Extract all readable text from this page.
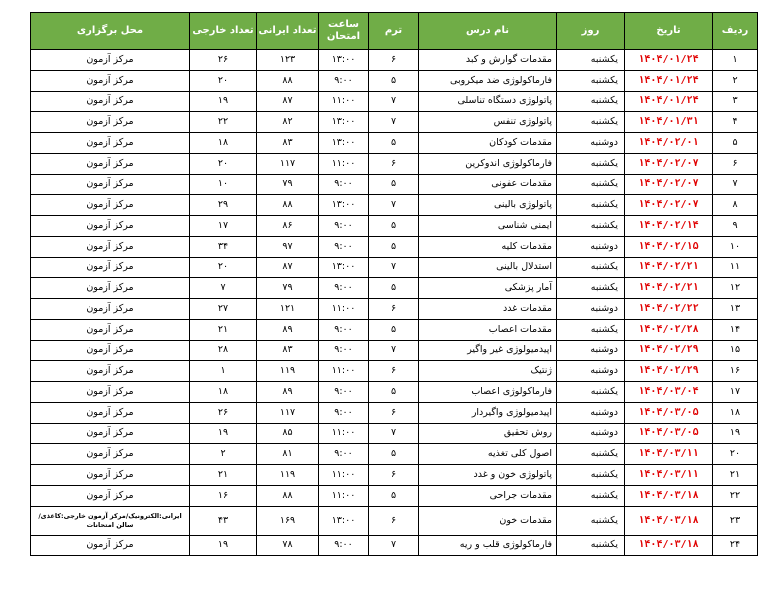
ردیف	تاریخ	روز	نام درس	ترم	ساعت امتحان	تعداد ایرانی	تعداد خارجی	محل برگزاری
۱	۱۴۰۴/۰۱/۲۴	یکشنبه	مقدمات گوارش و کبد	۶	۱۳:۰۰	۱۲۳	۲۶	مرکز آزمون
۲	۱۴۰۴/۰۱/۲۴	یکشنبه	فارماکولوژی ضد میکروبی	۵	۹:۰۰	۸۸	۲۰	مرکز آزمون
۳	۱۴۰۴/۰۱/۲۴	یکشنبه	پاتولوژی دستگاه تناسلی	۷	۱۱:۰۰	۸۷	۱۹	مرکز آزمون
۴	۱۴۰۴/۰۱/۳۱	یکشنبه	پاتولوژی تنفس	۷	۱۳:۰۰	۸۲	۲۲	مرکز آزمون
۵	۱۴۰۴/۰۲/۰۱	دوشنبه	مقدمات کودکان	۵	۱۳:۰۰	۸۳	۱۸	مرکز آزمون
۶	۱۴۰۴/۰۲/۰۷	یکشنبه	فارماکولوژی اندوکرین	۶	۱۱:۰۰	۱۱۷	۲۰	مرکز آزمون
۷	۱۴۰۴/۰۲/۰۷	یکشنبه	مقدمات عفونی	۵	۹:۰۰	۷۹	۱۰	مرکز آزمون
۸	۱۴۰۴/۰۲/۰۷	یکشنبه	پاتولوژی بالینی	۷	۱۳:۰۰	۸۸	۲۹	مرکز آزمون
۹	۱۴۰۴/۰۲/۱۴	یکشنبه	ایمنی شناسی	۵	۹:۰۰	۸۶	۱۷	مرکز آزمون
۱۰	۱۴۰۴/۰۲/۱۵	دوشنبه	مقدمات کلیه	۵	۹:۰۰	۹۷	۳۴	مرکز آزمون
۱۱	۱۴۰۴/۰۲/۲۱	یکشنبه	استدلال بالینی	۷	۱۳:۰۰	۸۷	۲۰	مرکز آزمون
۱۲	۱۴۰۴/۰۲/۲۱	یکشنبه	آمار پزشکی	۵	۹:۰۰	۷۹	۷	مرکز آزمون
۱۳	۱۴۰۴/۰۲/۲۲	دوشنبه	مقدمات غدد	۶	۱۱:۰۰	۱۲۱	۲۷	مرکز آزمون
۱۴	۱۴۰۴/۰۲/۲۸	یکشنبه	مقدمات اعصاب	۵	۹:۰۰	۸۹	۲۱	مرکز آزمون
۱۵	۱۴۰۴/۰۲/۲۹	دوشنبه	اپیدمیولوژی غیر واگیر	۷	۹:۰۰	۸۳	۲۸	مرکز آزمون
۱۶	۱۴۰۴/۰۲/۲۹	دوشنبه	ژنتیک	۶	۱۱:۰۰	۱۱۹	۱	مرکز آزمون
۱۷	۱۴۰۴/۰۳/۰۴	یکشنبه	فارماکولوژی اعصاب	۵	۹:۰۰	۸۹	۱۸	مرکز آزمون
۱۸	۱۴۰۴/۰۳/۰۵	دوشنبه	اپیدمیولوژی واگیردار	۶	۹:۰۰	۱۱۷	۲۶	مرکز آزمون
۱۹	۱۴۰۴/۰۳/۰۵	دوشنبه	روش تحقیق	۷	۱۱:۰۰	۸۵	۱۹	مرکز آزمون
۲۰	۱۴۰۴/۰۳/۱۱	یکشنبه	اصول کلی تغذیه	۵	۹:۰۰	۸۱	۲	مرکز آزمون
۲۱	۱۴۰۴/۰۳/۱۱	یکشنبه	پاتولوژی خون و غدد	۶	۱۱:۰۰	۱۱۹	۲۱	مرکز آزمون
۲۲	۱۴۰۴/۰۳/۱۸	یکشنبه	مقدمات جراحی	۵	۱۱:۰۰	۸۸	۱۶	مرکز آزمون
۲۳	۱۴۰۴/۰۳/۱۸	یکشنبه	مقدمات خون	۶	۱۳:۰۰	۱۶۹	۴۳	ایرانی:الکترونیک/مرکز آزمون خارجی:کاغذی/سالن امتحانات
۲۴	۱۴۰۴/۰۳/۱۸	یکشنبه	فارماکولوژی قلب و ریه	۷	۹:۰۰	۷۸	۱۹	مرکز آزمون
